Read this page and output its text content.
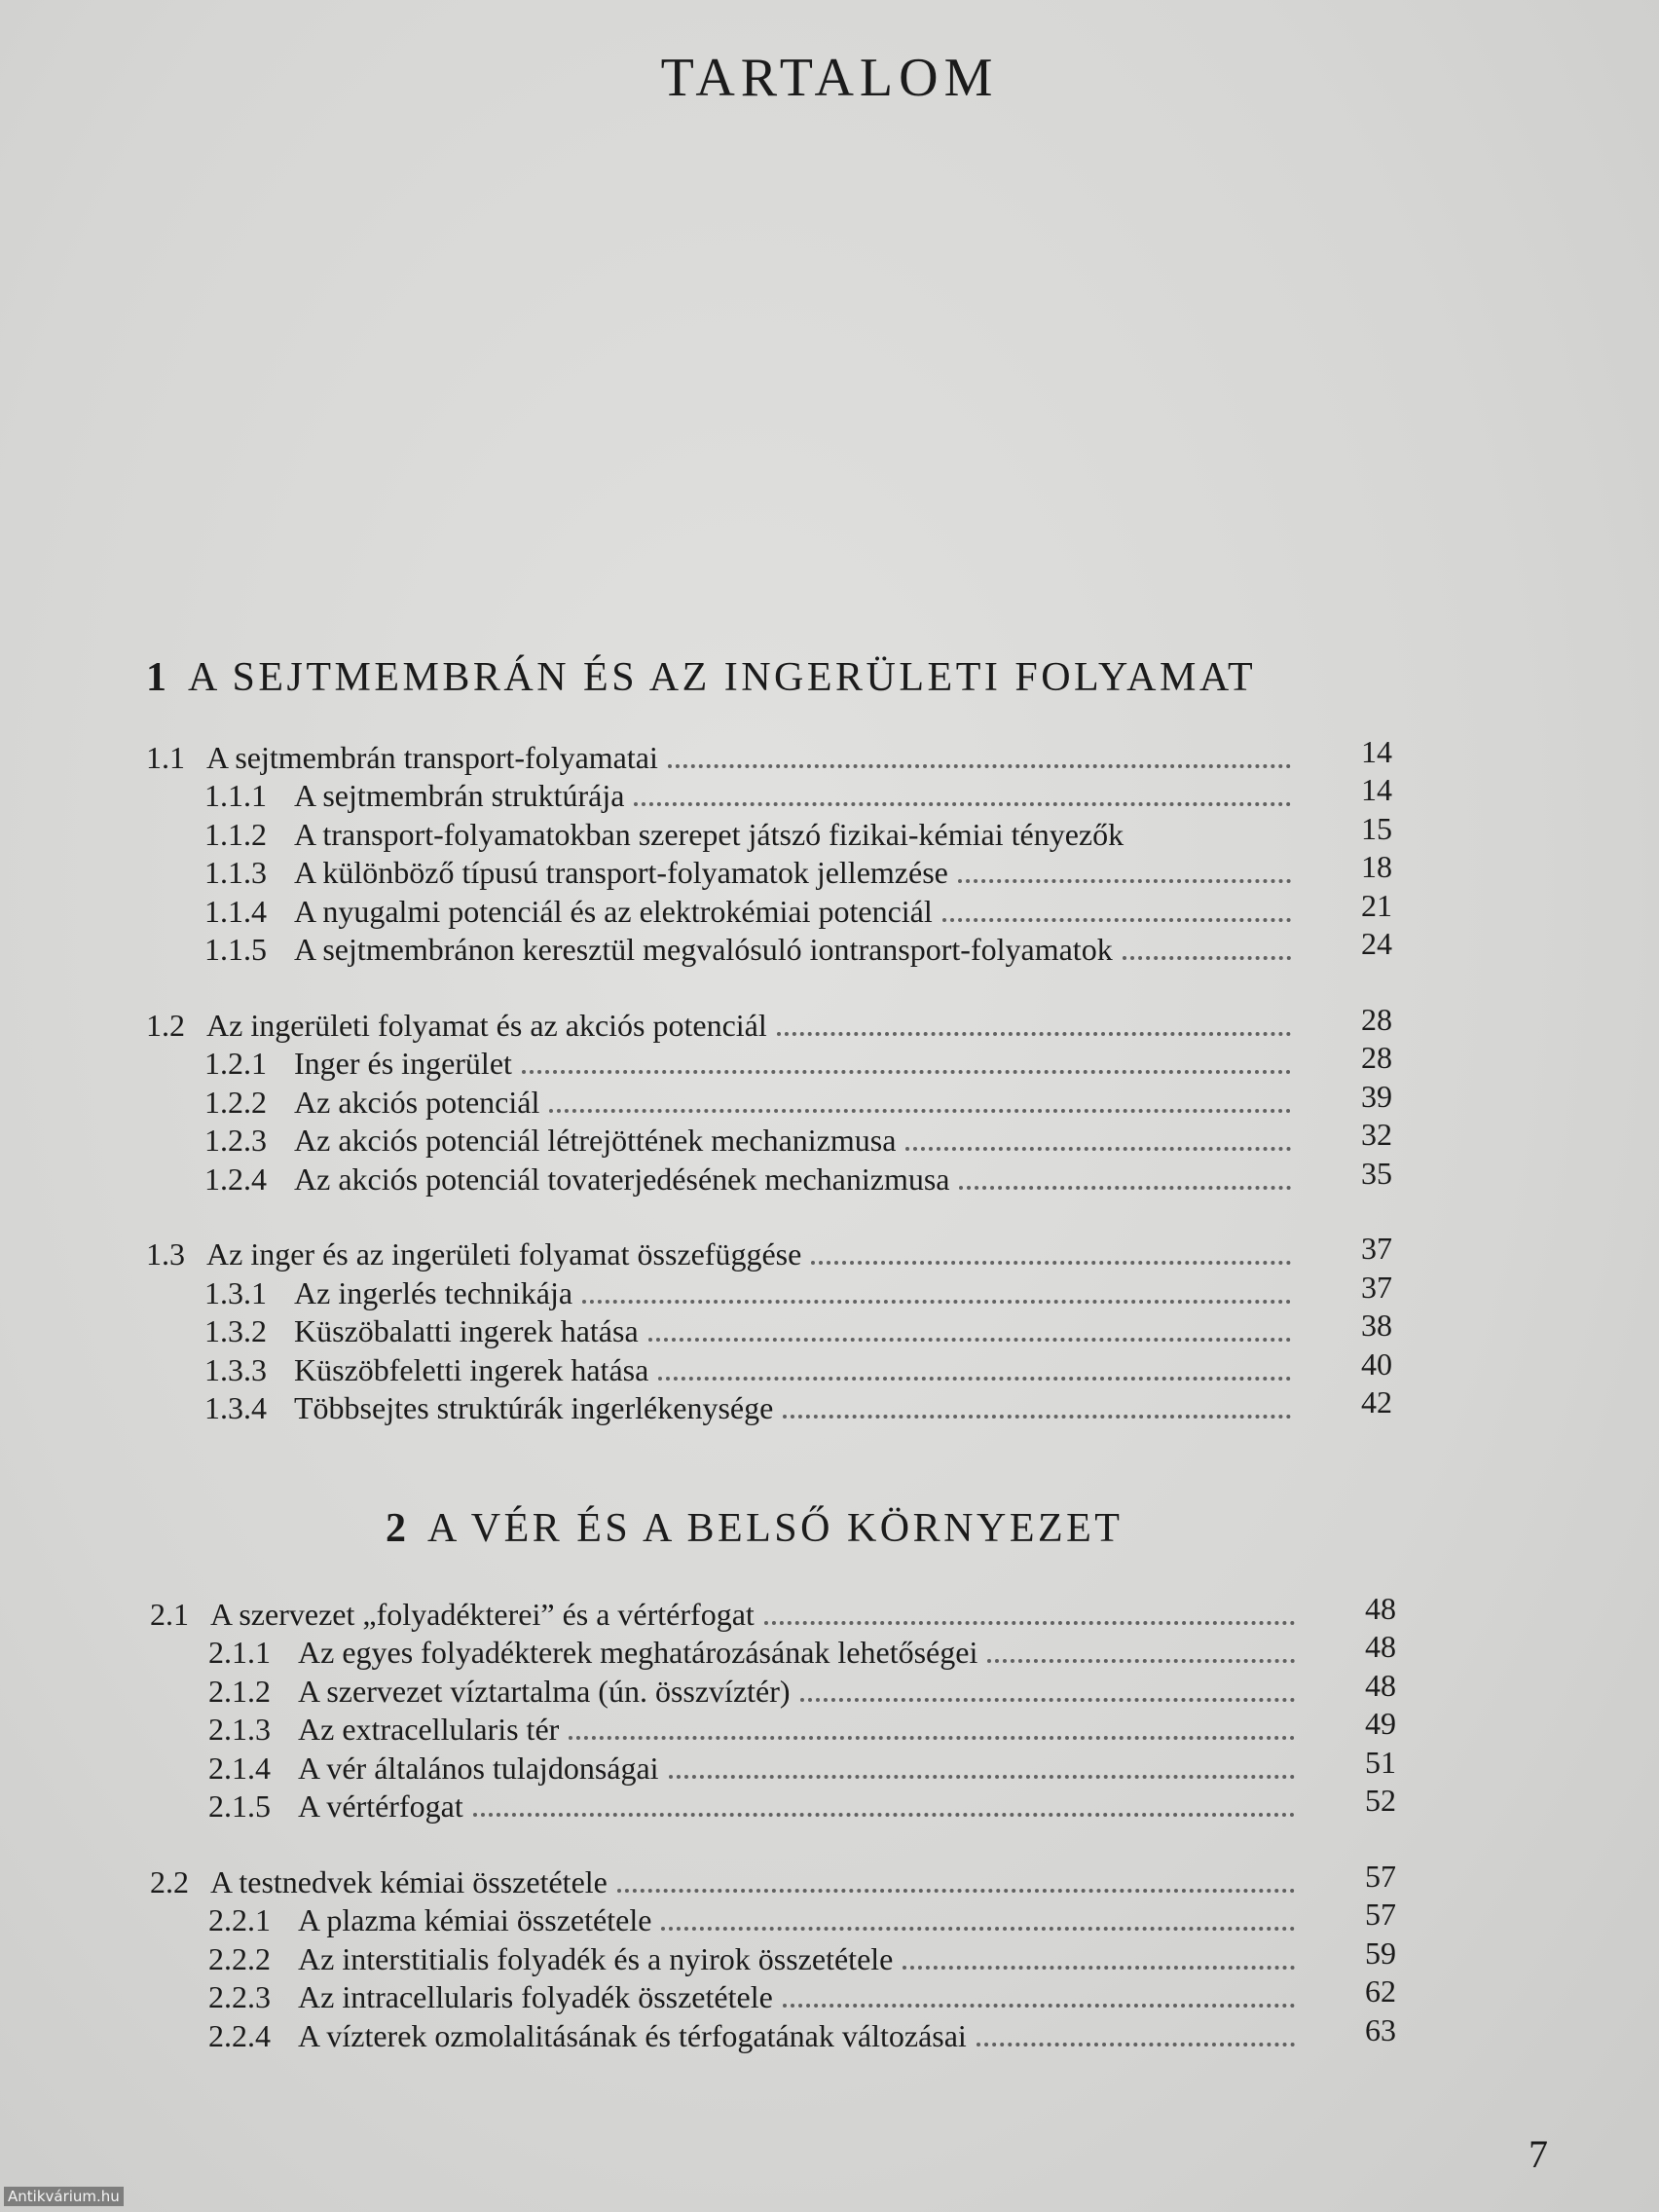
TARTALOM
1 A SEJTMEMBRÁN ÉS AZ INGERÜLETI FOLYAMAT
1.1 A sejtmembrán transport-folyamatai	14
1.1.1 A sejtmembrán struktúrája	14
1.1.2 A transport-folyamatokban szerepet játszó fizikai-kémiai tényezők	15
1.1.3 A különböző típusú transport-folyamatok jellemzése	18
1.1.4 A nyugalmi potenciál és az elektrokémiai potenciál	21
1.1.5 A sejtmembránon keresztül megvalósuló iontransport-folyamatok	24
1.2 Az ingerületi folyamat és az akciós potenciál	28
1.2.1 Inger és ingerület	28
1.2.2 Az akciós potenciál	39
1.2.3 Az akciós potenciál létrejöttének mechanizmusa	32
1.2.4 Az akciós potenciál tovaterjedésének mechanizmusa	35
1.3 Az inger és az ingerületi folyamat összefüggése	37
1.3.1 Az ingerlés technikája	37
1.3.2 Küszöbalatti ingerek hatása	38
1.3.3 Küszöbfeletti ingerek hatása	40
1.3.4 Többsejtes struktúrák ingerlékenysége	42
2 A VÉR ÉS A BELSŐ KÖRNYEZET
2.1 A szervezet „folyadékterei” és a vértérfogat	48
2.1.1 Az egyes folyadékterek meghatározásának lehetőségei	48
2.1.2 A szervezet víztartalma (ún. összvíztér)	48
2.1.3 Az extracellularis tér	49
2.1.4 A vér általános tulajdonságai	51
2.1.5 A vértérfogat	52
2.2 A testnedvek kémiai összetétele	57
2.2.1 A plazma kémiai összetétele	57
2.2.2 Az interstitialis folyadék és a nyirok összetétele	59
2.2.3 Az intracellularis folyadék összetétele	62
2.2.4 A vízterek ozmolalitásának és térfogatának változásai	63
7
Antikvárium.hu
